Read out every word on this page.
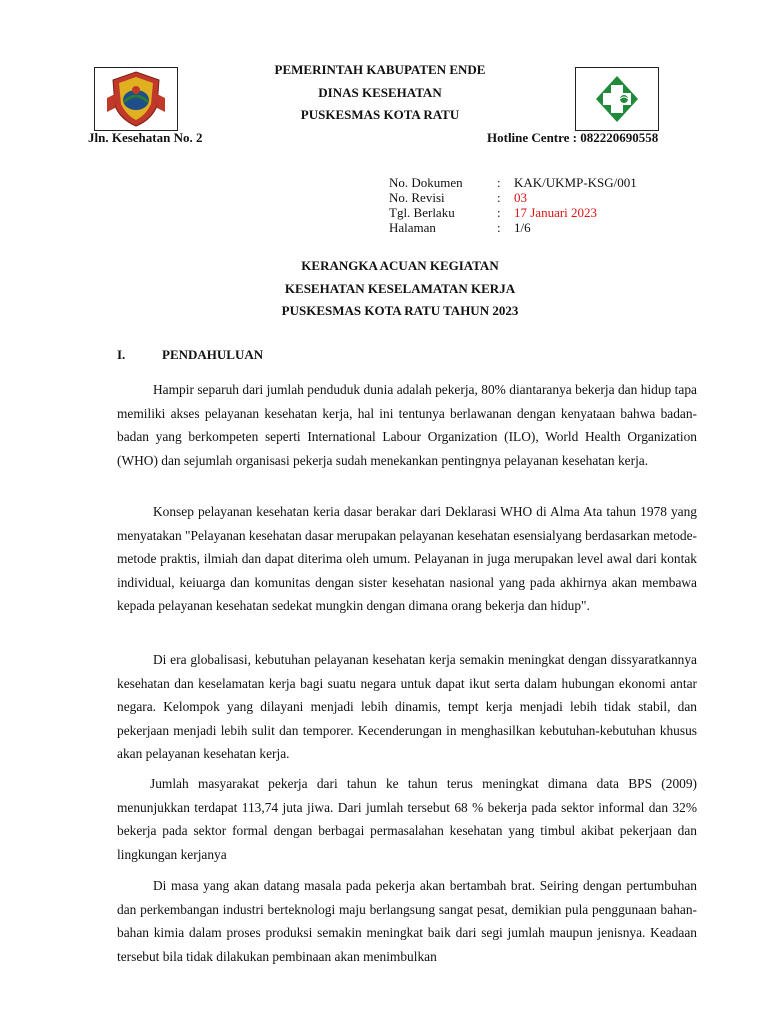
PEMERINTAH KABUPATEN ENDE
DINAS KESEHATAN
PUSKESMAS KOTA RATU
Jln. Kesehatan No. 2	Hotline Centre : 082220690558
No. Dokumen	: KAK/UKMP-KSG/001
No. Revisi	: 03
Tgl. Berlaku	: 17 Januari 2023
Halaman	: 1/6
KERANGKA ACUAN KEGIATAN
KESEHATAN KESELAMATAN KERJA
PUSKESMAS KOTA RATU TAHUN 2023
I.	PENDAHULUAN

Hampir separuh dari jumlah penduduk dunia adalah pekerja, 80% diantaranya bekerja dan hidup tapa memiliki akses pelayanan kesehatan kerja, hal ini tentunya berlawanan dengan kenyataan bahwa badan-badan yang berkompeten seperti International Labour Organization (ILO), World Health Organization (WHO) dan sejumlah organisasi pekerja sudah menekankan pentingnya pelayanan kesehatan kerja.

Konsep pelayanan kesehatan keria dasar berakar dari Deklarasi WHO di Alma Ata tahun 1978 yang menyatakan "Pelayanan kesehatan dasar merupakan pelayanan kesehatan esensialyang berdasarkan metode-metode praktis, ilmiah dan dapat diterima oleh umum. Pelayanan in juga merupakan level awal dari kontak individual, keiuarga dan komunitas dengan sister kesehatan nasional yang pada akhirnya akan membawa kepada pelayanan kesehatan sedekat mungkin dengan dimana orang bekerja dan hidup".

Di era globalisasi, kebutuhan pelayanan kesehatan kerja semakin meningkat dengan dissyaratkannya kesehatan dan keselamatan kerja bagi suatu negara untuk dapat ikut serta dalam hubungan ekonomi antar negara. Kelompok yang dilayani menjadi lebih dinamis, tempt kerja menjadi lebih tidak stabil, dan pekerjaan menjadi lebih sulit dan temporer. Kecenderungan in menghasilkan kebutuhan-kebutuhan khusus akan pelayanan kesehatan kerja.

Jumlah masyarakat pekerja dari tahun ke tahun terus meningkat dimana data BPS (2009) menunjukkan terdapat 113,74 juta jiwa. Dari jumlah tersebut 68 % bekerja pada sektor informal dan 32% bekerja pada sektor formal dengan berbagai permasalahan kesehatan yang timbul akibat pekerjaan dan lingkungan kerjanya

Di masa yang akan datang masala pada pekerja akan bertambah brat. Seiring dengan pertumbuhan dan perkembangan industri berteknologi maju berlangsung sangat pesat, demikian pula penggunaan bahan-bahan kimia dalam proses produksi semakin meningkat baik dari segi jumlah maupun jenisnya. Keadaan tersebut bila tidak dilakukan pembinaan akan menimbulkan
